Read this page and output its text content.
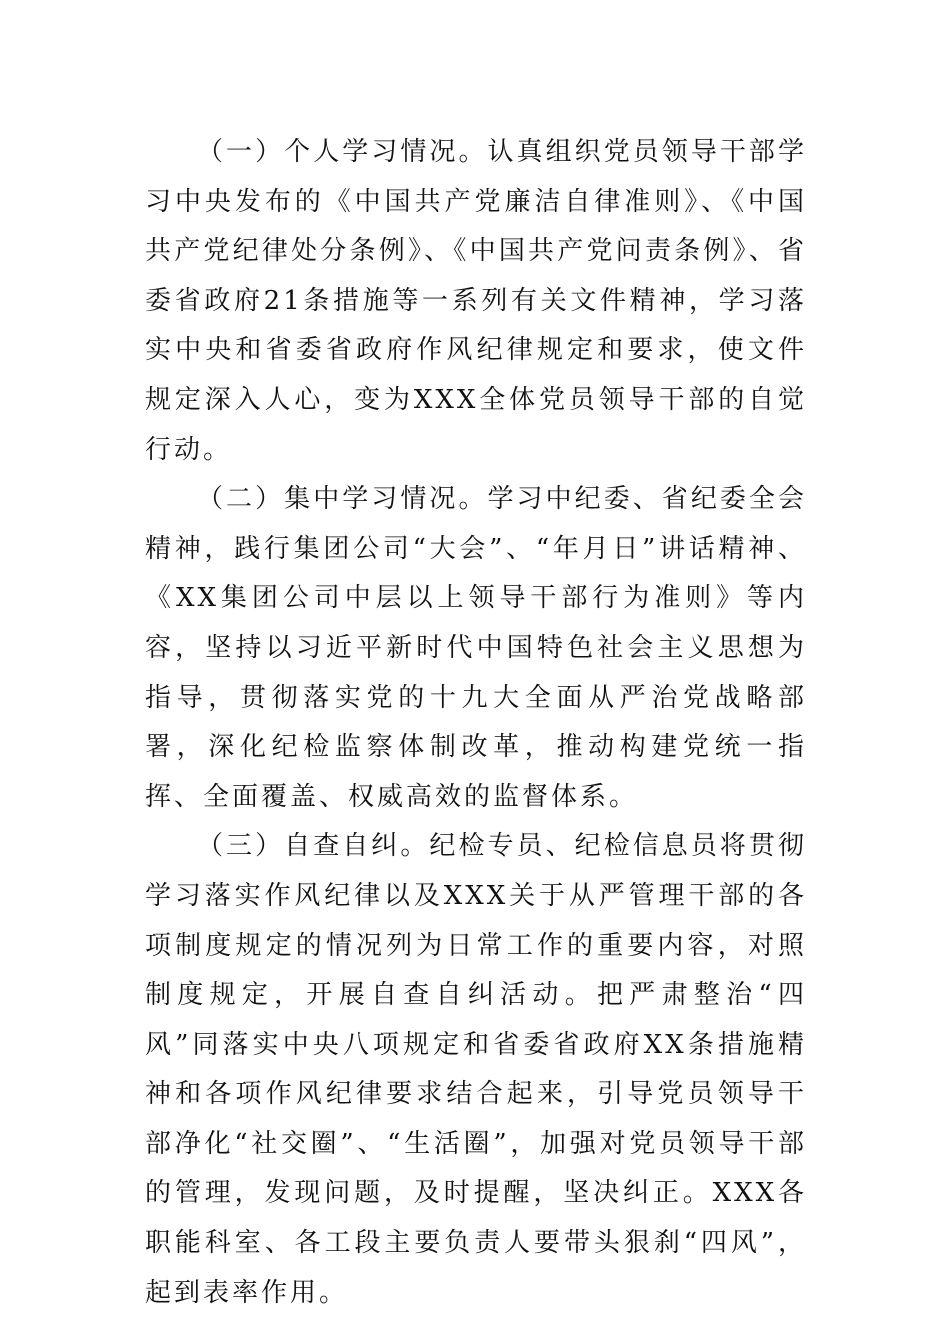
（一）个人学习情况。认真组织党员领导干部学习中央发布的《中国共产党廉洁自律准则》、《中国共产党纪律处分条例》、《中国共产党问责条例》、省委省政府21条措施等一系列有关文件精神，学习落实中央和省委省政府作风纪律规定和要求，使文件规定深入人心，变为XXX全体党员领导干部的自觉行动。

（二）集中学习情况。学习中纪委、省纪委全会精神，践行集团公司“大会”、“年月日”讲话精神、《XX集团公司中层以上领导干部行为准则》等内容，坚持以习近平新时代中国特色社会主义思想为指导，贯彻落实党的十九大全面从严治党战略部署，深化纪检监察体制改革，推动构建党统一指挥、全面覆盖、权威高效的监督体系。

（三）自查自纠。纪检专员、纪检信息员将贯彻学习落实作风纪律以及XXX关于从严管理干部的各项制度规定的情况列为日常工作的重要内容，对照制度规定，开展自查自纠活动。把严肃整治“四风”同落实中央八项规定和省委省政府XX条措施精神和各项作风纪律要求结合起来，引导党员领导干部净化“社交圈”、“生活圈”，加强对党员领导干部的管理，发现问题，及时提醒，坚决纠正。XXX各职能科室、各工段主要负责人要带头狠刹“四风”，起到表率作用。
